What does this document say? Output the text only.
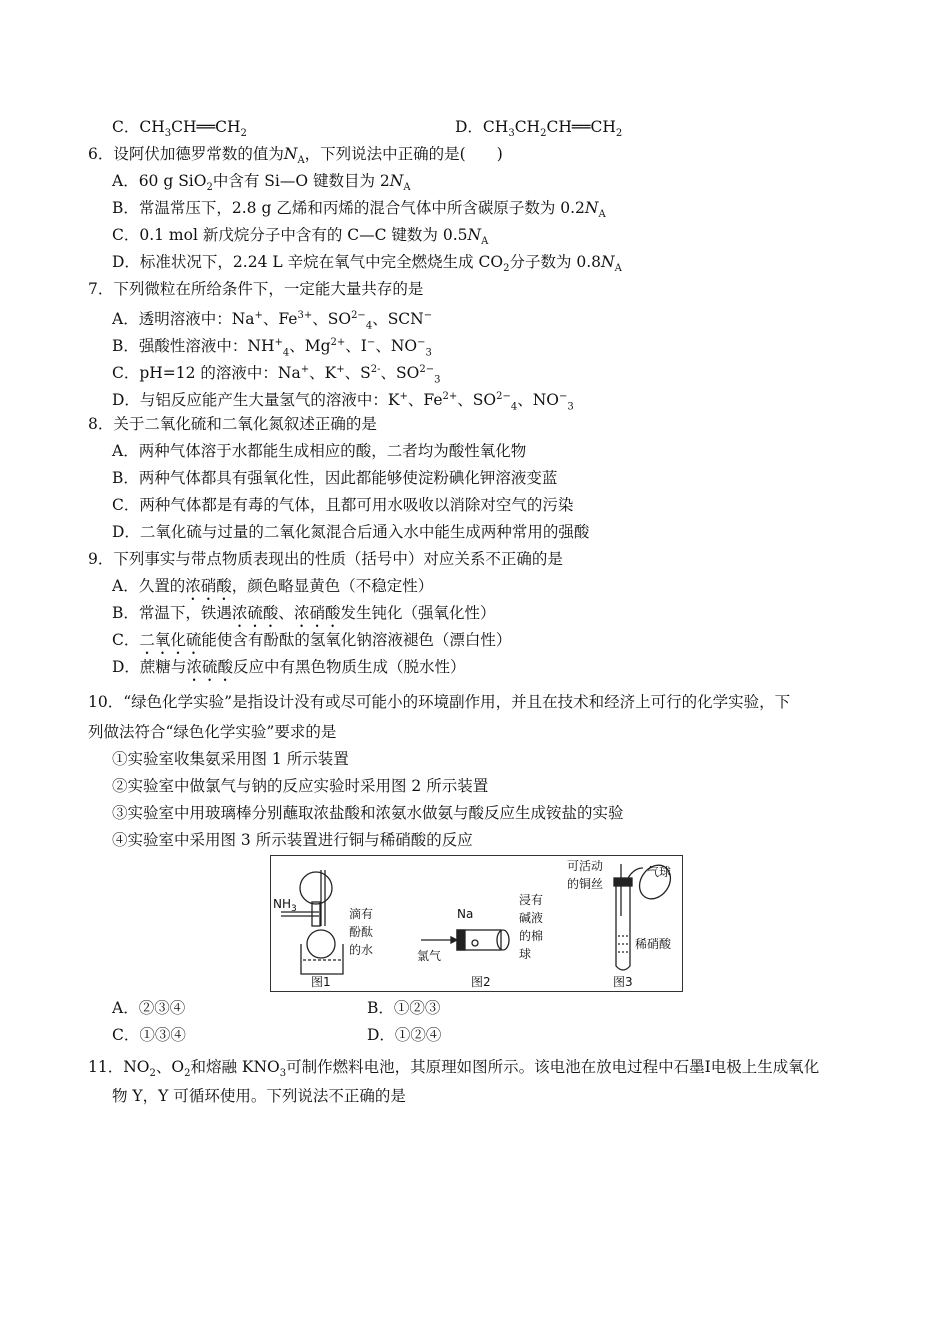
C．$CH_3CH══CH_2$	D．$CH_3CH_2CH══CH_2$
6．设阿伏加德罗常数的值为$N_A$，下列说法中正确的是(　　)
A．60 g SiO$_2$中含有 Si—O 键数目为 $2N_A$
B．常温常压下，2.8 g 乙烯和丙烯的混合气体中所含碳原子数为 $0.2N_A$
C．0.1 mol 新戊烷分子中含有的 C—C 键数为 $0.5N_A$
D．标准状况下，2.24 L 辛烷在氧气中完全燃烧生成 $CO_2$分子数为 $0.8N_A$
7．下列微粒在所给条件下，一定能大量共存的是
A．透明溶液中：Na+、$Fe^{3+}$、$SO^{2-}_4$、SCN−
B．强酸性溶液中：$NH^+_4$、$Mg^{2+}$、I−、$NO^-_3$
C．pH=12 的溶液中：Na+、K+、$S^{2-}$、$SO^{2-}_3$
D．与铝反应能产生大量氢气的溶液中：K+、$Fe^{2+}$、$SO^{2-}_4$、$NO^-_3$
8．关于二氧化硫和二氧化氮叙述正确的是
A．两种气体溶于水都能生成相应的酸，二者均为酸性氧化物
B．两种气体都具有强氧化性，因此都能够使淀粉碘化钾溶液变蓝
C．两种气体都是有毒的气体，且都可用水吸收以消除对空气的污染
D．二氧化硫与过量的二氧化氮混合后通入水中能生成两种常用的强酸
9．下列事实与带点物质表现出的性质（括号中）对应关系不正确的是
A．久置的浓硝酸，颜色略显黄色（不稳定性）
B．常温下，铁遇浓硫酸、浓硝酸发生钝化（强氧化性）
C．二氧化硫能使含有酚酞的氢氧化钠溶液褪色（漂白性）
D．蔗糖与浓硫酸反应中有黑色物质生成（脱水性）
10．“绿色化学实验”是指设计没有或尽可能小的环境副作用，并且在技术和经济上可行的化学实验，下
列做法符合“绿色化学实验”要求的是
①实验室收集氨采用图 1 所示装置
②实验室中做氯气与钠的反应实验时采用图 2 所示装置
③实验室中用玻璃棒分别蘸取浓盐酸和浓氨水做氨与酸反应生成铵盐的实验
④实验室中采用图 3 所示装置进行铜与稀硝酸的反应
$NH_3$	滴有
酚酞
的水
图1
Na
氯气
浸有
碱液
的棉
球
图2
可活动
的铜丝
气球
稀硝酸
图3
A．②③④	B．①②③
C．①③④	D．①②④
11．$NO_2$、$O_2$和熔融 $KNO_3$可制作燃料电池，其原理如图所示。该电池在放电过程中石墨Ⅰ电极上生成氧化
物 Y，Y 可循环使用。下列说法不正确的是
